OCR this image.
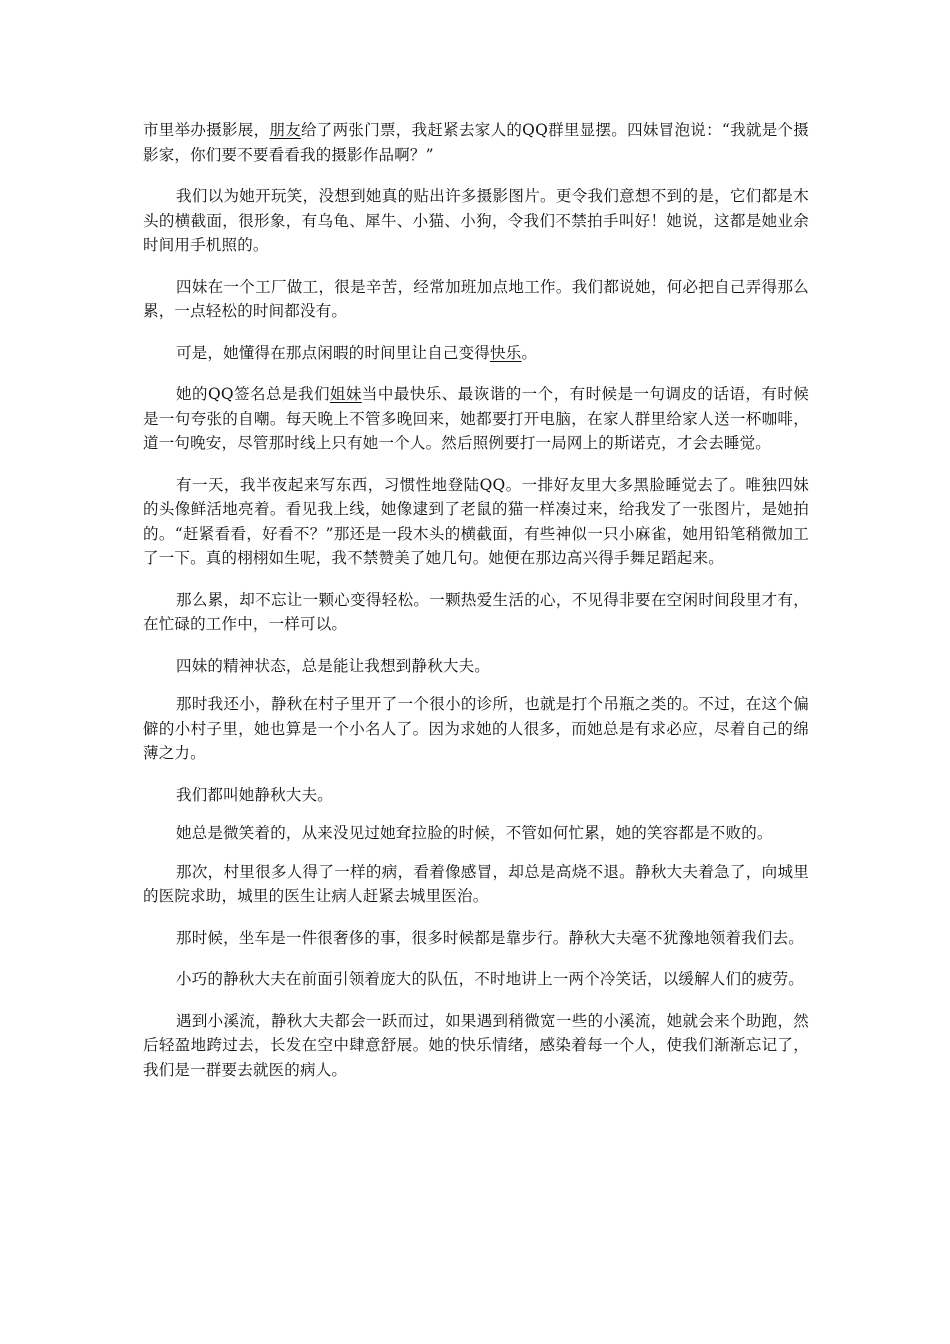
市里举办摄影展，朋友给了两张门票，我赶紧去家人的QQ群里显摆。四妹冒泡说：“我就是个摄影家，你们要不要看看我的摄影作品啊？”

我们以为她开玩笑，没想到她真的贴出许多摄影图片。更令我们意想不到的是，它们都是木头的横截面，很形象，有乌龟、犀牛、小猫、小狗，令我们不禁拍手叫好！她说，这都是她业余时间用手机照的。

四妹在一个工厂做工，很是辛苦，经常加班加点地工作。我们都说她，何必把自己弄得那么累，一点轻松的时间都没有。

可是，她懂得在那点闲暇的时间里让自己变得快乐。

她的QQ签名总是我们姐妹当中最快乐、最诙谐的一个，有时候是一句调皮的话语，有时候是一句夸张的自嘲。每天晚上不管多晚回来，她都要打开电脑，在家人群里给家人送一杯咖啡，道一句晚安，尽管那时线上只有她一个人。然后照例要打一局网上的斯诺克，才会去睡觉。

有一天，我半夜起来写东西，习惯性地登陆QQ。一排好友里大多黑脸睡觉去了。唯独四妹的头像鲜活地亮着。看见我上线，她像逮到了老鼠的猫一样凑过来，给我发了一张图片，是她拍的。“赶紧看看，好看不？”那还是一段木头的横截面，有些神似一只小麻雀，她用铅笔稍微加工了一下。真的栩栩如生呢，我不禁赞美了她几句。她便在那边高兴得手舞足蹈起来。

那么累，却不忘让一颗心变得轻松。一颗热爱生活的心，不见得非要在空闲时间段里才有，在忙碌的工作中，一样可以。

四妹的精神状态，总是能让我想到静秋大夫。

那时我还小，静秋在村子里开了一个很小的诊所，也就是打个吊瓶之类的。不过，在这个偏僻的小村子里，她也算是一个小名人了。因为求她的人很多，而她总是有求必应，尽着自己的绵薄之力。

我们都叫她静秋大夫。

她总是微笑着的，从来没见过她耷拉脸的时候，不管如何忙累，她的笑容都是不败的。

那次，村里很多人得了一样的病，看着像感冒，却总是高烧不退。静秋大夫着急了，向城里的医院求助，城里的医生让病人赶紧去城里医治。

那时候，坐车是一件很奢侈的事，很多时候都是靠步行。静秋大夫毫不犹豫地领着我们去。

小巧的静秋大夫在前面引领着庞大的队伍，不时地讲上一两个冷笑话，以缓解人们的疲劳。

遇到小溪流，静秋大夫都会一跃而过，如果遇到稍微宽一些的小溪流，她就会来个助跑，然后轻盈地跨过去，长发在空中肆意舒展。她的快乐情绪，感染着每一个人，使我们渐渐忘记了，我们是一群要去就医的病人。
